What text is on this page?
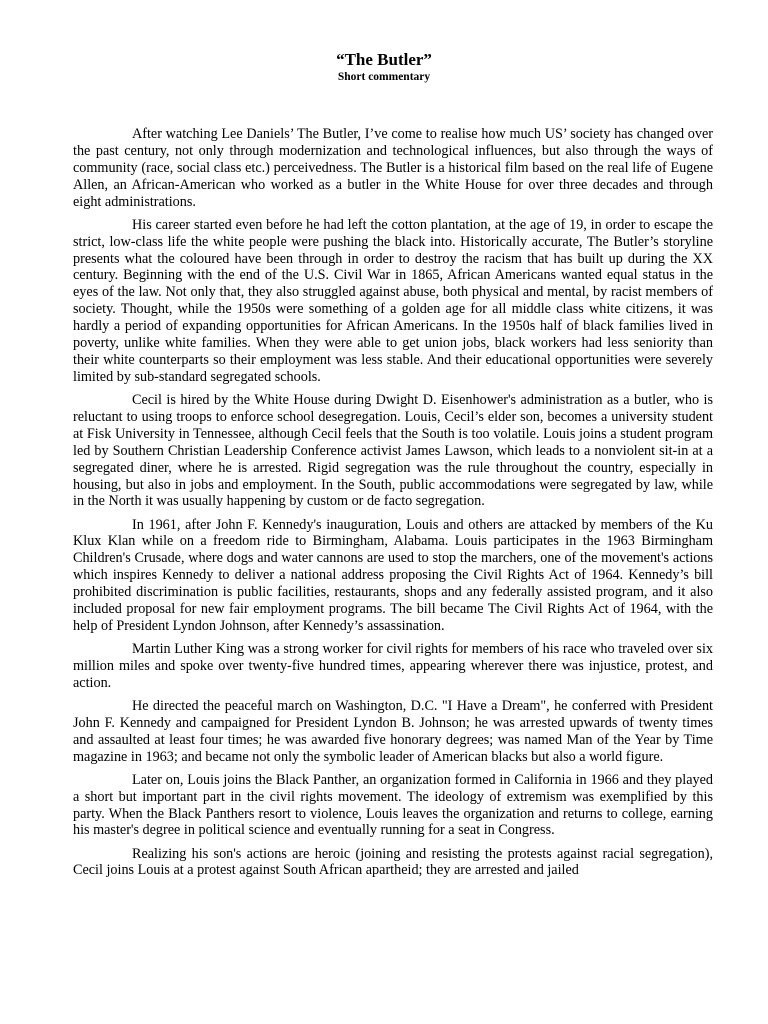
“The Butler”
Short commentary

After watching Lee Daniels’ The Butler, I’ve come to realise how much US’ society has changed over the past century, not only through modernization and technological influences, but also through the ways of community (race, social class etc.) perceivedness. The Butler is a historical film based on the real life of Eugene Allen, an African-American who worked as a butler in the White House for over three decades and through eight administrations.

His career started even before he had left the cotton plantation, at the age of 19, in order to escape the strict, low-class life the white people were pushing the black into. Historically accurate, The Butler’s storyline presents what the coloured have been through in order to destroy the racism that has built up during the XX century. Beginning with the end of the U.S. Civil War in 1865, African Americans wanted equal status in the eyes of the law. Not only that, they also struggled against abuse, both physical and mental, by racist members of society. Thought, while the 1950s were something of a golden age for all middle class white citizens, it was hardly a period of expanding opportunities for African Americans. In the 1950s half of black families lived in poverty, unlike white families. When they were able to get union jobs, black workers had less seniority than their white counterparts so their employment was less stable. And their educational opportunities were severely limited by sub-standard segregated schools.

Cecil is hired by the White House during Dwight D. Eisenhower's administration as a butler, who is reluctant to using troops to enforce school desegregation. Louis, Cecil’s elder son, becomes a university student at Fisk University in Tennessee, although Cecil feels that the South is too volatile. Louis joins a student program led by Southern Christian Leadership Conference activist James Lawson, which leads to a nonviolent sit-in at a segregated diner, where he is arrested. Rigid segregation was the rule throughout the country, especially in housing, but also in jobs and employment. In the South, public accommodations were segregated by law, while in the North it was usually happening by custom or de facto segregation.

In 1961, after John F. Kennedy's inauguration, Louis and others are attacked by members of the Ku Klux Klan while on a freedom ride to Birmingham, Alabama. Louis participates in the 1963 Birmingham Children's Crusade, where dogs and water cannons are used to stop the marchers, one of the movement's actions which inspires Kennedy to deliver a national address proposing the Civil Rights Act of 1964. Kennedy’s bill prohibited discrimination is public facilities, restaurants, shops and any federally assisted program, and it also included proposal for new fair employment programs. The bill became The Civil Rights Act of 1964, with the help of President Lyndon Johnson, after Kennedy’s assassination.

Martin Luther King was a strong worker for civil rights for members of his race who traveled over six million miles and spoke over twenty-five hundred times, appearing wherever there was injustice, protest, and action.

He directed the peaceful march on Washington, D.C. "I Have a Dream", he conferred with President John F. Kennedy and campaigned for President Lyndon B. Johnson; he was arrested upwards of twenty times and assaulted at least four times; he was awarded five honorary degrees; was named Man of the Year by Time magazine in 1963; and became not only the symbolic leader of American blacks but also a world figure.

Later on, Louis joins the Black Panther, an organization formed in California in 1966 and they played a short but important part in the civil rights movement. The ideology of extremism was exemplified by this party. When the Black Panthers resort to violence, Louis leaves the organization and returns to college, earning his master's degree in political science and eventually running for a seat in Congress.

Realizing his son's actions are heroic (joining and resisting the protests against racial segregation), Cecil joins Louis at a protest against South African apartheid; they are arrested and jailed
